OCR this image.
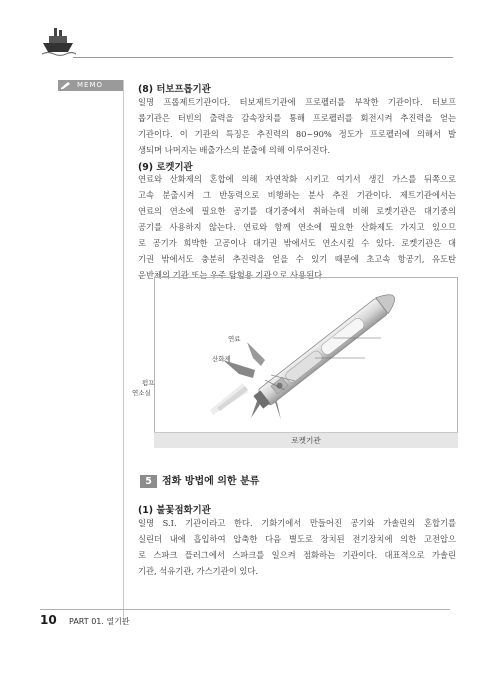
MEMO	(8) 터보프롭기관
일명 프롭제트기관이다. 터보제트기관에 프로펠러를 부착한 기관이다. 터보프
롭기관은 터빈의 출력을 감속장치를 통해 프로펠러를 회전시켜 추진력을 얻는
기관이다. 이 기관의 특징은 추진력의 80~90% 정도가 프로펠러에 의해서 발
생되며 나머지는 배출가스의 분출에 의해 이루어진다.
(9) 로켓기관
연료와 산화제의 혼합에 의해 자연착화 시키고 여기서 생긴 가스를 뒤쪽으로
고속 분출시켜 그 반동력으로 비행하는 분사 추진 기관이다. 제트기관에서는
연료의 연소에 필요한 공기를 대기중에서 취하는데 비해 로켓기관은 대기중의
공기를 사용하지 않는다. 연료와 함께 연소에 필요한 산화제도 가지고 있으므
로 공기가 희박한 고공이나 대기권 밖에서도 연소시킬 수 있다. 로켓기관은 대
기권 밖에서도 충분히 추진력을 얻을 수 있기 때문에 초고속 항공기, 유도탄
운반체의 기관 또는 우주 탐험용 기관으로 사용된다.
연료
산화제
펌프
연소실
로켓기관
5	점화 방법에 의한 분류
(1) 불꽃점화기관
일명 S.I. 기관이라고 한다. 기화기에서 만들어진 공기와 가솔린의 혼합기를
실린더 내에 흡입하여 압축한 다음 별도로 장치된 전기장치에 의한 고전압으
로 스파크 플러그에서 스파크를 일으켜 점화하는 기관이다. 대표적으로 가솔린
기관, 석유기관, 가스기관이 있다.
10 PART 01. 열기관
